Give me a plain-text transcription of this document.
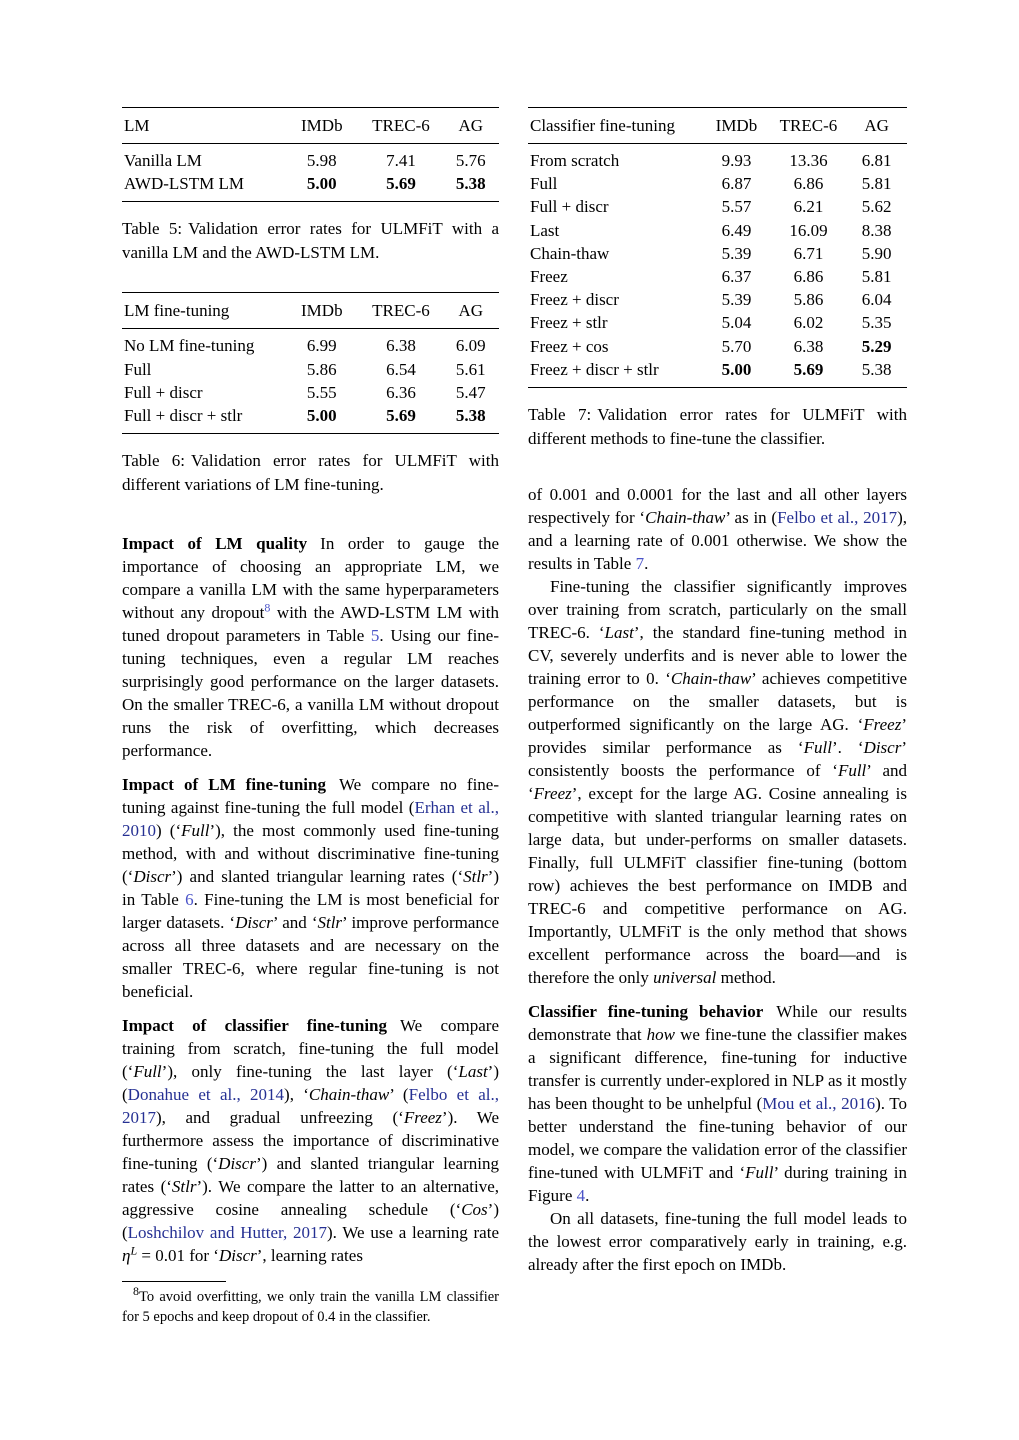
LM	IMDb	TREC-6	AG
Vanilla LM	5.98	7.41	5.76
AWD-LSTM LM	5.00	5.69	5.38
Table 5: Validation error rates for ULMFiT with a vanilla LM and the AWD-LSTM LM.
LM fine-tuning	IMDb	TREC-6	AG
No LM fine-tuning	6.99	6.38	6.09
Full	5.86	6.54	5.61
Full + discr	5.55	6.36	5.47
Full + discr + stlr	5.00	5.69	5.38
Table 6: Validation error rates for ULMFiT with different variations of LM fine-tuning.

Impact of LM quality In order to gauge the importance of choosing an appropriate LM, we compare a vanilla LM with the same hyperparameters without any dropout$^8$ with the AWD-LSTM LM with tuned dropout parameters in Table 5. Using our fine-tuning techniques, even a regular LM reaches surprisingly good performance on the larger datasets. On the smaller TREC-6, a vanilla LM without dropout runs the risk of overfitting, which decreases performance.

Impact of LM fine-tuning We compare no fine-tuning against fine-tuning the full model (Erhan et al., 2010) (‘Full’), the most commonly used fine-tuning method, with and without discriminative fine-tuning (‘Discr’) and slanted triangular learning rates (‘Stlr’) in Table 6. Fine-tuning the LM is most beneficial for larger datasets. ‘Discr’ and ‘Stlr’ improve performance across all three datasets and are necessary on the smaller TREC-6, where regular fine-tuning is not beneficial.

Impact of classifier fine-tuning We compare training from scratch, fine-tuning the full model (‘Full’), only fine-tuning the last layer (‘Last’) (Donahue et al., 2014), ‘Chain-thaw’ (Felbo et al., 2017), and gradual unfreezing (‘Freez’). We furthermore assess the importance of discriminative fine-tuning (‘Discr’) and slanted triangular learning rates (‘Stlr’). We compare the latter to an alternative, aggressive cosine annealing schedule (‘Cos’) (Loshchilov and Hutter, 2017). We use a learning rate $\eta^L = 0.01$ for ‘Discr’, learning rates

$^8$To avoid overfitting, we only train the vanilla LM classifier for 5 epochs and keep dropout of 0.4 in the classifier.

Classifier fine-tuning	IMDb	TREC-6	AG
From scratch	9.93	13.36	6.81
Full	6.87	6.86	5.81
Full + discr	5.57	6.21	5.62
Last	6.49	16.09	8.38
Chain-thaw	5.39	6.71	5.90
Freez	6.37	6.86	5.81
Freez + discr	5.39	5.86	6.04
Freez + stlr	5.04	6.02	5.35
Freez + cos	5.70	6.38	5.29
Freez + discr + stlr	5.00	5.69	5.38
Table 7: Validation error rates for ULMFiT with different methods to fine-tune the classifier.

of 0.001 and 0.0001 for the last and all other layers respectively for ‘Chain-thaw’ as in (Felbo et al., 2017), and a learning rate of 0.001 otherwise. We show the results in Table 7.

Fine-tuning the classifier significantly improves over training from scratch, particularly on the small TREC-6. ‘Last’, the standard fine-tuning method in CV, severely underfits and is never able to lower the training error to 0. ‘Chain-thaw’ achieves competitive performance on the smaller datasets, but is outperformed significantly on the large AG. ‘Freez’ provides similar performance as ‘Full’. ‘Discr’ consistently boosts the performance of ‘Full’ and ‘Freez’, except for the large AG. Cosine annealing is competitive with slanted triangular learning rates on large data, but under-performs on smaller datasets. Finally, full ULMFiT classifier fine-tuning (bottom row) achieves the best performance on IMDB and TREC-6 and competitive performance on AG. Importantly, ULMFiT is the only method that shows excellent performance across the board—and is therefore the only universal method.

Classifier fine-tuning behavior While our results demonstrate that how we fine-tune the classifier makes a significant difference, fine-tuning for inductive transfer is currently under-explored in NLP as it mostly has been thought to be unhelpful (Mou et al., 2016). To better understand the fine-tuning behavior of our model, we compare the validation error of the classifier fine-tuned with ULMFiT and ‘Full’ during training in Figure 4.

On all datasets, fine-tuning the full model leads to the lowest error comparatively early in training, e.g. already after the first epoch on IMDb.
